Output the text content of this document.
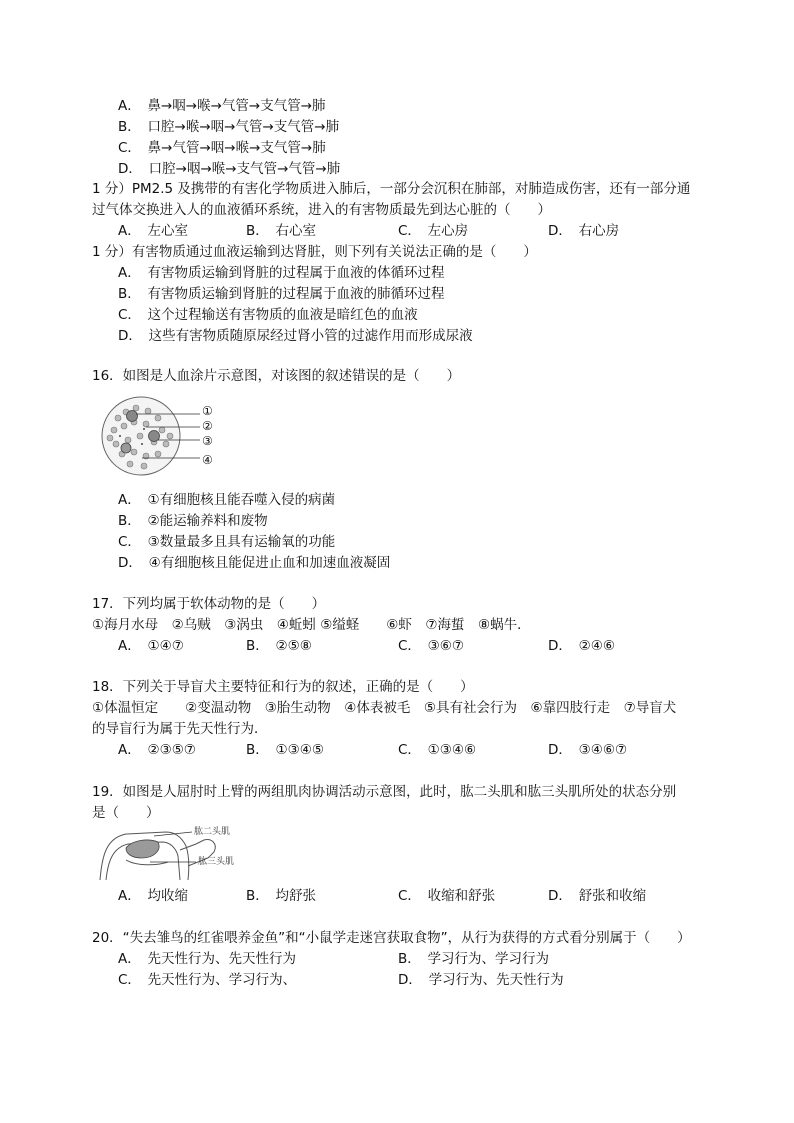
A．　鼻→咽→喉→气管→支气管→肺
B．　口腔→喉→咽→气管→支气管→肺
C．　鼻→气管→咽→喉→支气管→肺
D．　口腔→咽→喉→支气管→气管→肺
1 分）PM2.5 及携带的有害化学物质进入肺后，一部分会沉积在肺部，对肺造成伤害，还有一部分通
过气体交换进入人的血液循环系统，进入的有害物质最先到达心脏的（　　）
A．　左心室	B．　右心室	C．　左心房	D．　右心房
1 分）有害物质通过血液运输到达肾脏，则下列有关说法正确的是（　　）
A．　有害物质运输到肾脏的过程属于血液的体循环过程
B．　有害物质运输到肾脏的过程属于血液的肺循环过程
C．　这个过程输送有害物质的血液是暗红色的血液
D．　这些有害物质随原尿经过肾小管的过滤作用而形成尿液
16．如图是人血涂片示意图，对该图的叙述错误的是（　　）
①
②
③
④
A．　①有细胞核且能吞噬入侵的病菌
B．　②能运输养料和废物
C．　③数量最多且具有运输氧的功能
D．　④有细胞核且能促进止血和加速血液凝固
17．下列均属于软体动物的是（　　）
①海月水母　②乌贼　③涡虫　④蚯蚓 ⑤缢蛏　　⑥虾　⑦海蜇　⑧蜗牛．
A．　①④⑦	B．　②⑤⑧	C．　③⑥⑦	D．　②④⑥
18．下列关于导盲犬主要特征和行为的叙述，正确的是（　　）
①体温恒定　　②变温动物　③胎生动物　④体表被毛　⑤具有社会行为　⑥靠四肢行走　⑦导盲犬
的导盲行为属于先天性行为．
A．　②③⑤⑦	B．　①③④⑤	C．　①③④⑥	D．　③④⑥⑦
19．如图是人屈肘时上臂的两组肌肉协调活动示意图，此时，肱二头肌和肱三头肌所处的状态分别
是（　　）
肱二头肌
肱三头肌
A．　均收缩	B．　均舒张	C．　收缩和舒张	D．　舒张和收缩
20．“失去雏鸟的红雀喂养金鱼”和“小鼠学走迷宫获取食物”，从行为获得的方式看分别属于（　　）
A．　先天性行为、先天性行为	B．　学习行为、学习行为
C．　先天性行为、学习行为、	D．　学习行为、先天性行为
